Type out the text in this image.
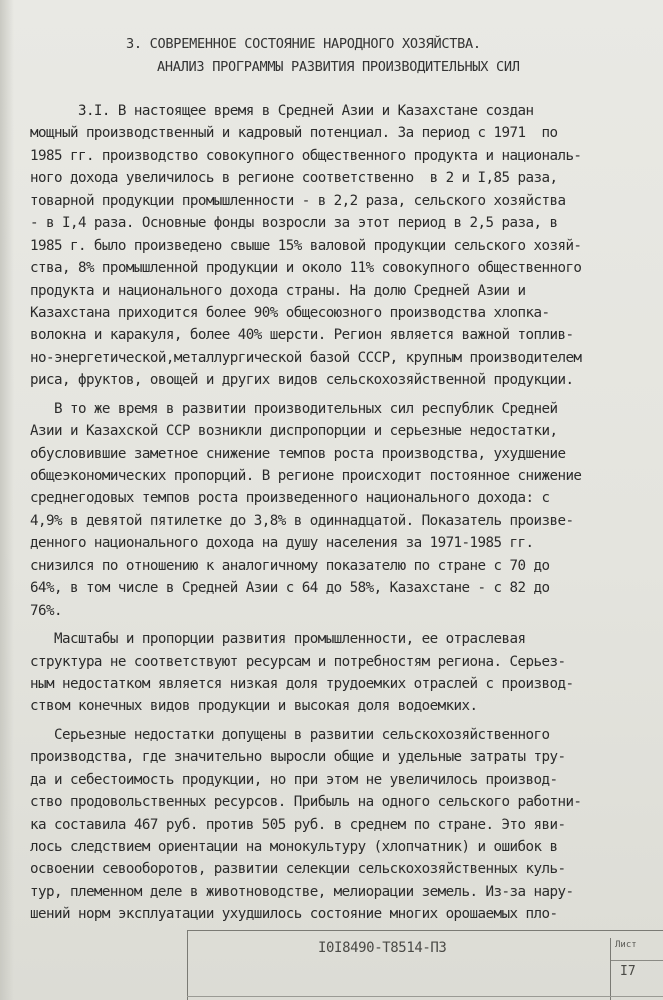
3. СОВРЕМЕННОЕ СОСТОЯНИЕ НАРОДНОГО ХОЗЯЙСТВА.

АНАЛИЗ ПРОГРАММЫ РАЗВИТИЯ ПРОИЗВОДИТЕЛЬНЫХ СИЛ

3.I. В настоящее время в Средней Азии и Казахстане создан
мощный производственный и кадровый потенциал. За период с 1971  по
1985 гг. производство совокупного общественного продукта и националь-
ного дохода увеличилось в регионе соответственно  в 2 и I,85 раза,
товарной продукции промышленности - в 2,2 раза, сельского хозяйства
- в I,4 раза. Основные фонды возросли за этот период в 2,5 раза, в
1985 г. было произведено свыше 15% валовой продукции сельского хозяй-
ства, 8% промышленной продукции и около 11% совокупного общественного
продукта и национального дохода страны. На долю Средней Азии и
Казахстана приходится более 90% общесоюзного производства хлопка-
волокна и каракуля, более 40% шерсти. Регион является важной топлив-
но-энергетической,металлургической базой СССР, крупным производителем
риса, фруктов, овощей и других видов сельскохозяйственной продукции.
В то же время в развитии производительных сил республик Средней
Азии и Казахской ССР возникли диспропорции и серьезные недостатки,
обусловившие заметное снижение темпов роста производства, ухудшение
общеэкономических пропорций. В регионе происходит постоянное снижение
среднегодовых темпов роста произведенного национального дохода: с
4,9% в девятой пятилетке до 3,8% в одиннадцатой. Показатель произве-
денного национального дохода на душу населения за 1971-1985 гг.
снизился по отношению к аналогичному показателю по стране с 70 до
64%, в том числе в Средней Азии с 64 до 58%, Казахстане - с 82 до
76%.
Масштабы и пропорции развития промышленности, ее отраслевая
структура не соответствуют ресурсам и потребностям региона. Серьез-
ным недостатком является низкая доля трудоемких отраслей с производ-
ством конечных видов продукции и высокая доля водоемких.
Серьезные недостатки допущены в развитии сельскохозяйственного
производства, где значительно выросли общие и удельные затраты тру-
да и себестоимость продукции, но при этом не увеличилось производ-
ство продовольственных ресурсов. Прибыль на одного сельского работни-
ка составила 467 руб. против 505 руб. в среднем по стране. Это яви-
лось следствием ориентации на монокультуру (хлопчатник) и ошибок в
освоении севооборотов, развитии селекции сельскохозяйственных куль-
тур, племенном деле в животноводстве, мелиорации земель. Из-за нару-
шений норм эксплуатации ухудшилось состояние многих орошаемых пло-

I0I8490-T8514-ПЗ	Лист

I7
